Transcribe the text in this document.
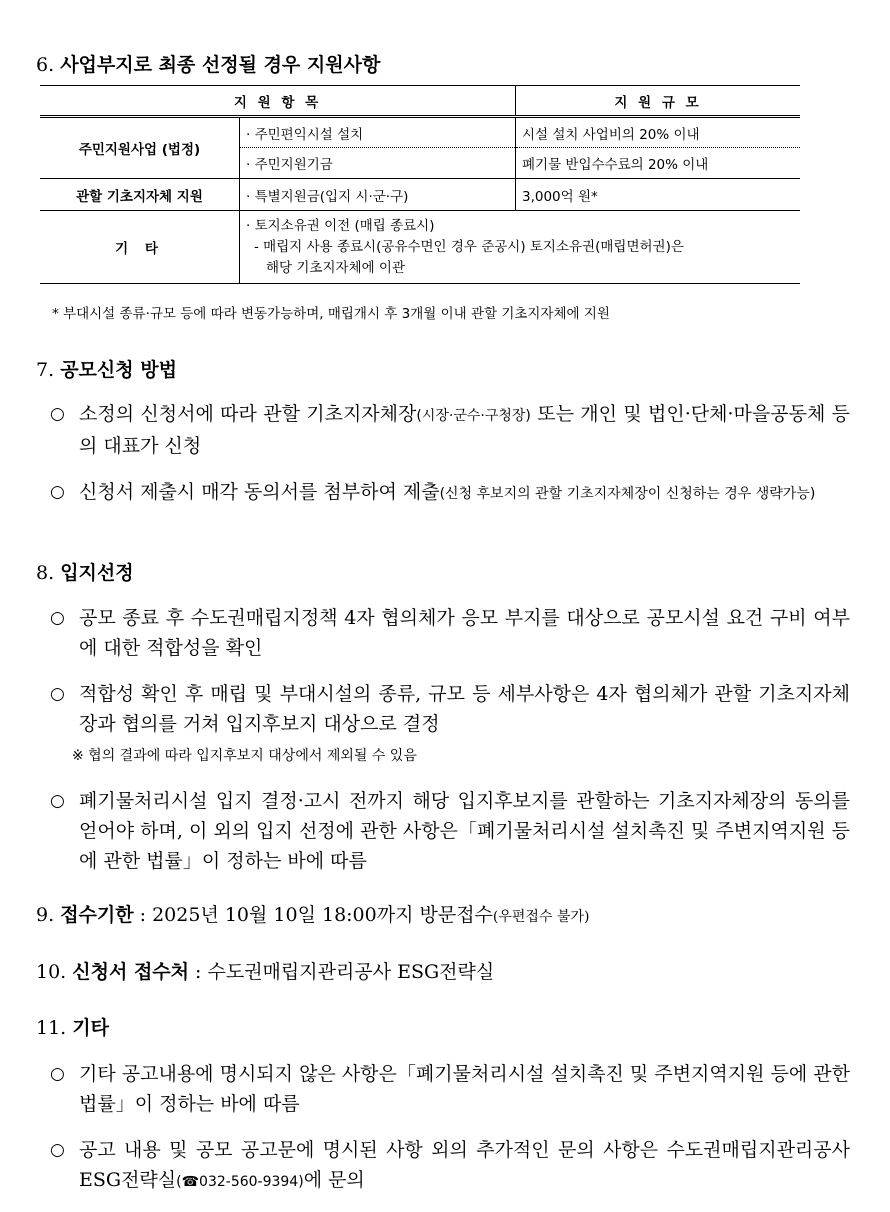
6. 사업부지로 최종 선정될 경우 지원사항
지 원 항 목		지 원 규 모
주민지원사업 (법정)	· 주민편익시설 설치	시설 설치 사업비의 20% 이내
	· 주민지원기금	폐기물 반입수수료의 20% 이내
관할 기초지자체 지원	· 특별지원금(입지 시·군·구)	3,000억 원*
기 타	· 토지소유권 이전 (매립 종료시)
- 매립지 사용 종료시(공유수면인 경우 준공시) 토지소유권(매립면허권)은
해당 기초지자체에 이관	
* 부대시설 종류·규모 등에 따라 변동가능하며, 매립개시 후 3개월 이내 관할 기초지자체에 지원
7. 공모신청 방법
○ 소정의 신청서에 따라 관할 기초지자체장(시장·군수·구청장) 또는 개인 및 법인·단체·마을공동체 등의 대표가 신청
○ 신청서 제출시 매각 동의서를 첨부하여 제출(신청 후보지의 관할 기초지자체장이 신청하는 경우 생략가능)
8. 입지선정
○ 공모 종료 후 수도권매립지정책 4자 협의체가 응모 부지를 대상으로 공모시설 요건 구비 여부에 대한 적합성을 확인
○ 적합성 확인 후 매립 및 부대시설의 종류, 규모 등 세부사항은 4자 협의체가 관할 기초지자체장과 협의를 거쳐 입지후보지 대상으로 결정
※ 협의 결과에 따라 입지후보지 대상에서 제외될 수 있음
○ 폐기물처리시설 입지 결정·고시 전까지 해당 입지후보지를 관할하는 기초지자체장의 동의를 얻어야 하며, 이 외의 입지 선정에 관한 사항은「폐기물처리시설 설치촉진 및 주변지역지원 등에 관한 법률」이 정하는 바에 따름
9. 접수기한 : 2025년 10월 10일 18:00까지 방문접수(우편접수 불가)
10. 신청서 접수처 : 수도권매립지관리공사 ESG전략실
11. 기타
○ 기타 공고내용에 명시되지 않은 사항은「폐기물처리시설 설치촉진 및 주변지역지원 등에 관한 법률」이 정하는 바에 따름
○ 공고 내용 및 공모 공고문에 명시된 사항 외의 추가적인 문의 사항은 수도권매립지관리공사 ESG전략실(☎032-560-9394)에 문의
